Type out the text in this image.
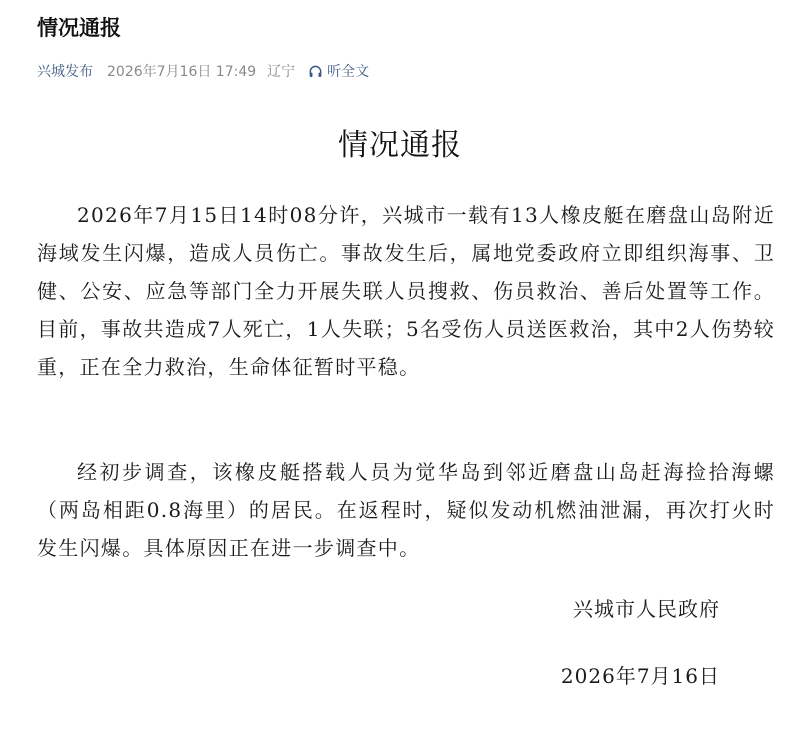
情况通报
兴城发布 2026年7月16日 17:49 辽宁 听全文
情况通报

2026年7月15日14时08分许，兴城市一载有13人橡皮艇在磨盘山岛附近海域发生闪爆，造成人员伤亡。事故发生后，属地党委政府立即组织海事、卫健、公安、应急等部门全力开展失联人员搜救、伤员救治、善后处置等工作。目前，事故共造成7人死亡，1人失联；5名受伤人员送医救治，其中2人伤势较重，正在全力救治，生命体征暂时平稳。

经初步调查，该橡皮艇搭载人员为觉华岛到邻近磨盘山岛赶海捡拾海螺（两岛相距0.8海里）的居民。在返程时，疑似发动机燃油泄漏，再次打火时发生闪爆。具体原因正在进一步调查中。

兴城市人民政府
2026年7月16日
